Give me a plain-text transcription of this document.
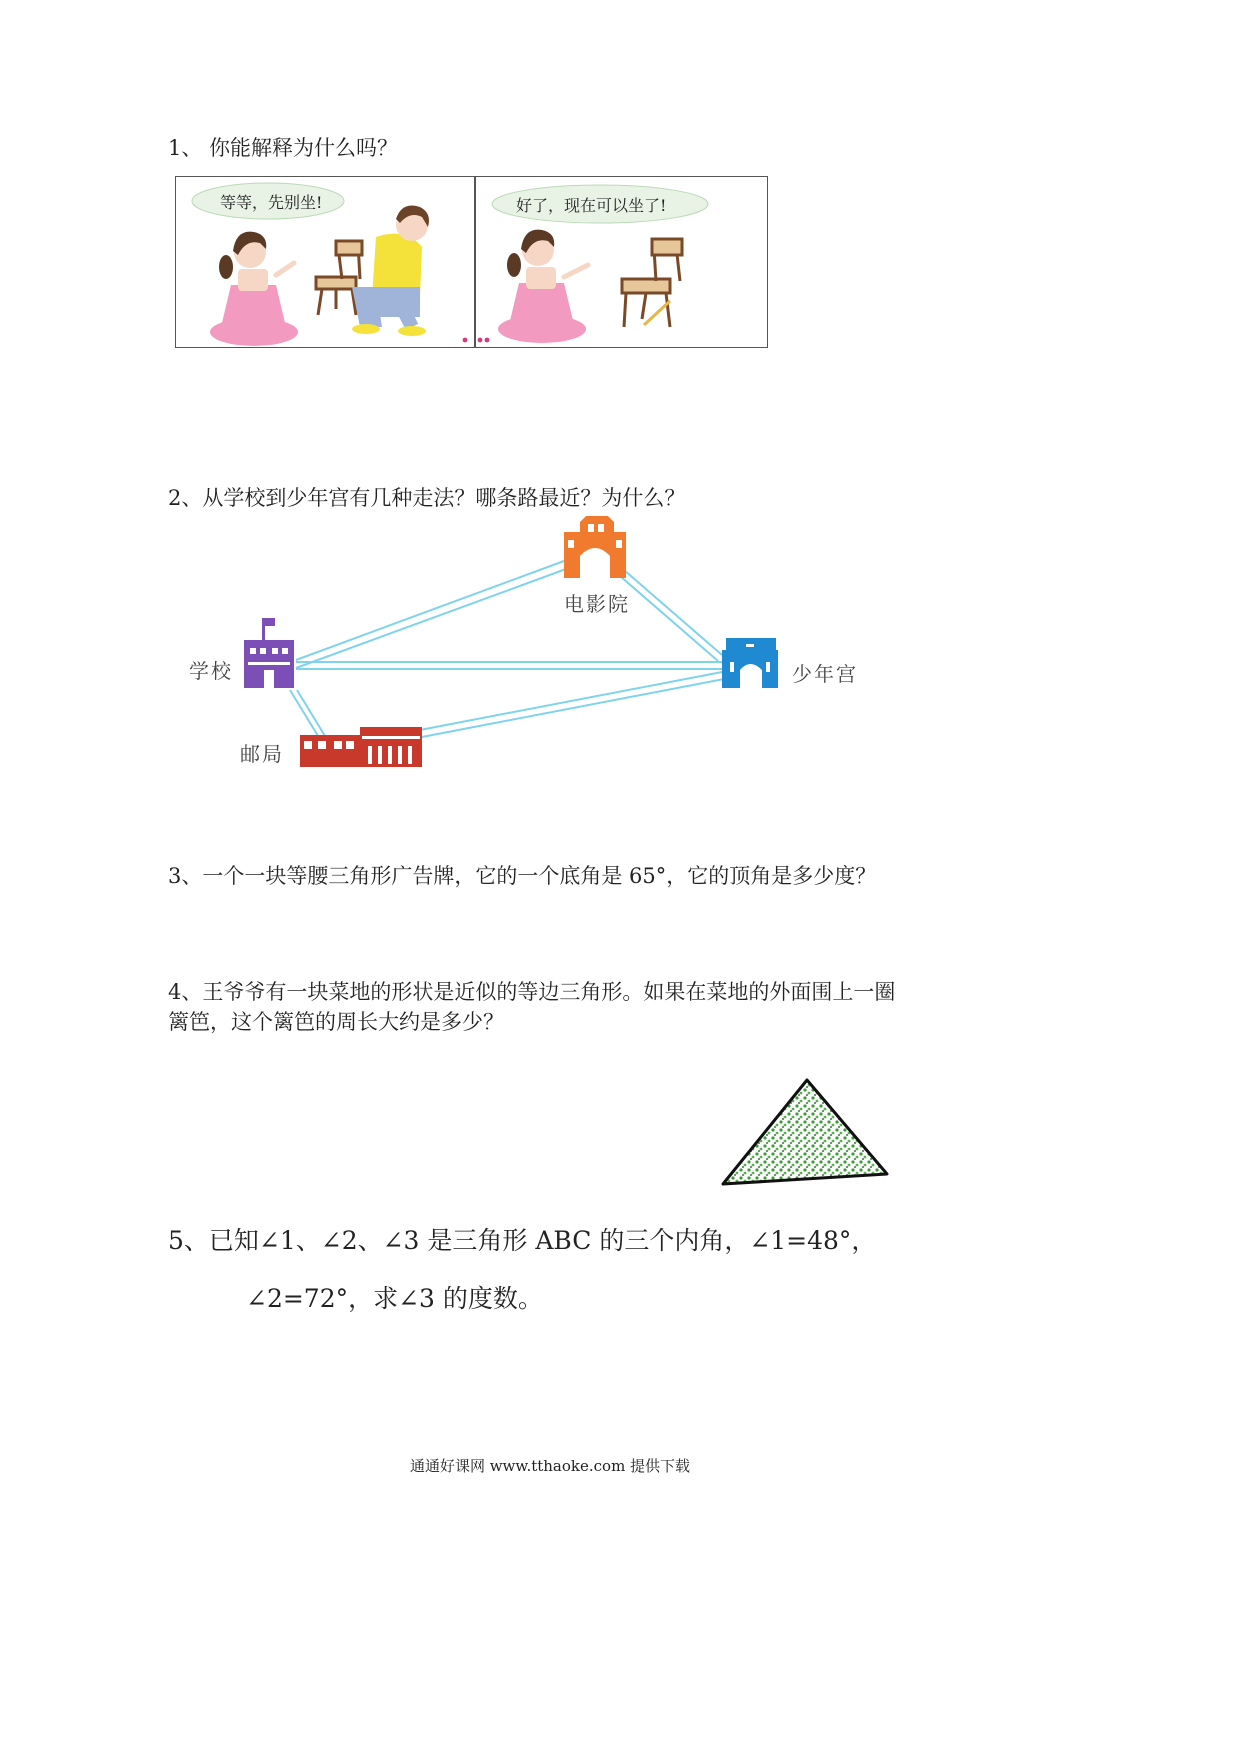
1、 你能解释为什么吗？
等等，先别坐!	好了，现在可以坐了!
2、从学校到少年宫有几种走法？哪条路最近？为什么？
学校
电影院
少年宫
邮局
3、一个一块等腰三角形广告牌，它的一个底角是 65°，它的顶角是多少度？
4、王爷爷有一块菜地的形状是近似的等边三角形。如果在菜地的外面围上一圈
篱笆，这个篱笆的周长大约是多少？
5、已知∠1、∠2、∠3 是三角形 ABC 的三个内角，∠1=48°，
∠2=72°，求∠3 的度数。
通通好课网 www.tthaoke.com 提供下载
